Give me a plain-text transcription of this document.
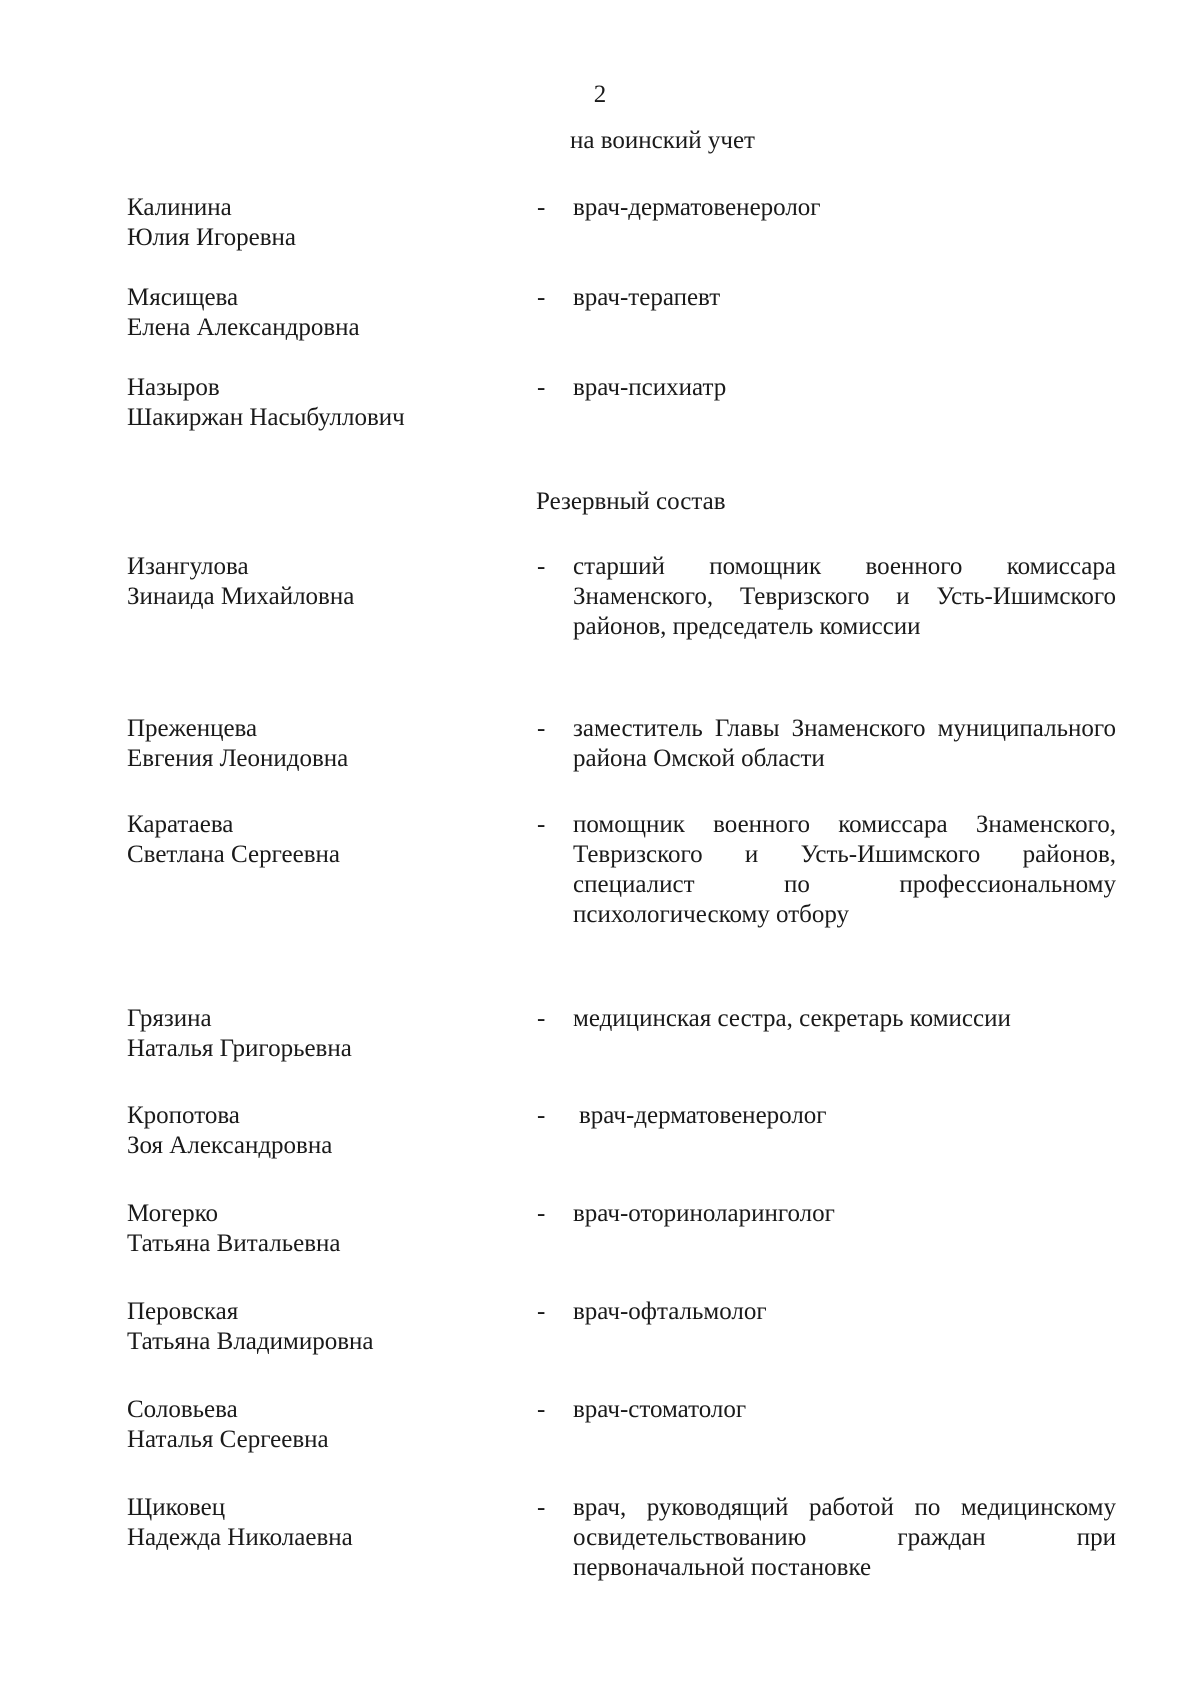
2
на воинский учет
Калинина
Юлия Игоревна
- врач-дерматовенеролог
Мясищева
Елена Александровна
- врач-терапевт
Назыров
Шакиржан Насыбуллович
- врач-психиатр
Резервный состав
Изангулова
Зинаида Михайловна
- старший помощник военного комиссара Знаменского, Тевризского и Усть-Ишимского районов, председатель комиссии
Преженцева
Евгения Леонидовна
- заместитель Главы Знаменского муниципального района Омской области
Каратаева
Светлана Сергеевна
- помощник военного комиссара Знаменского, Тевризского и Усть-Ишимского районов, специалист по профессиональному психологическому отбору
Грязина
Наталья Григорьевна
- медицинская сестра, секретарь комиссии
Кропотова
Зоя Александровна
- врач-дерматовенеролог
Могерко
Татьяна Витальевна
- врач-оториноларинголог
Перовская
Татьяна Владимировна
- врач-офтальмолог
Соловьева
Наталья Сергеевна
- врач-стоматолог
Щиковец
Надежда Николаевна
- врач, руководящий работой по медицинскому освидетельствованию граждан при первоначальной постановке
